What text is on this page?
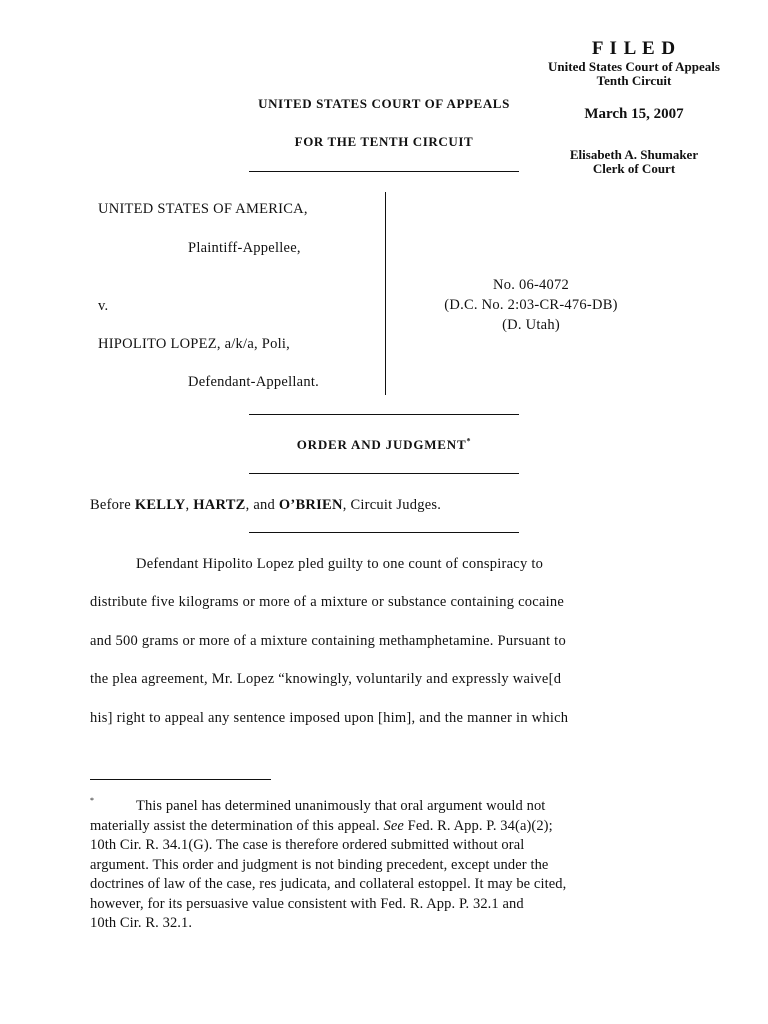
F I L E D
United States Court of Appeals
Tenth Circuit
March 15, 2007
Elisabeth A. Shumaker
Clerk of Court
UNITED STATES COURT OF APPEALS
FOR THE TENTH CIRCUIT
UNITED STATES OF AMERICA,
Plaintiff-Appellee,
v.
HIPOLITO LOPEZ, a/k/a, Poli,
Defendant-Appellant.
No. 06-4072
(D.C. No. 2:03-CR-476-DB)
(D. Utah)
ORDER AND JUDGMENT*
Before KELLY, HARTZ, and O’BRIEN, Circuit Judges.
Defendant Hipolito Lopez pled guilty to one count of conspiracy to
distribute five kilograms or more of a mixture or substance containing cocaine
and 500 grams or more of a mixture containing methamphetamine. Pursuant to
the plea agreement, Mr. Lopez “knowingly, voluntarily and expressly waive[d
his] right to appeal any sentence imposed upon [him], and the manner in which
*	This panel has determined unanimously that oral argument would not
materially assist the determination of this appeal. See Fed. R. App. P. 34(a)(2);
10th Cir. R. 34.1(G). The case is therefore ordered submitted without oral
argument. This order and judgment is not binding precedent, except under the
doctrines of law of the case, res judicata, and collateral estoppel. It may be cited,
however, for its persuasive value consistent with Fed. R. App. P. 32.1 and
10th Cir. R. 32.1.
